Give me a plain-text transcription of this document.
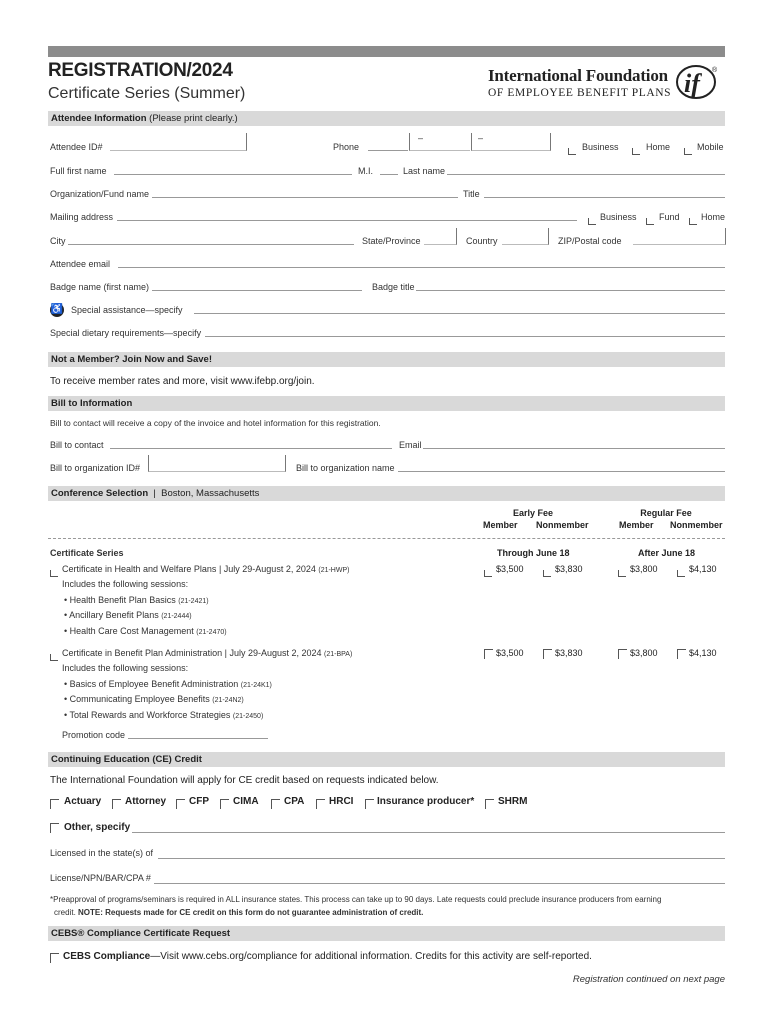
REGISTRATION/2024
Certificate Series (Summer)
International Foundation
OF EMPLOYEE BENEFIT PLANS if	®
Attendee Information (Please print clearly.)
Attendee ID#	Phone
–	–
Business	Home	Mobile
Full first name	M.I.	Last name
Organization/Fund name	Title
Mailing address	Business Fund Home
City	State/Province	Country	ZIP/Postal code
Attendee email
Badge name (first name)	Badge title
♿ Special assistance—specify
Special dietary requirements—specify
Not a Member? Join Now and Save!
To receive member rates and more, visit www.ifebp.org/join.
Bill to Information
Bill to contact will receive a copy of the invoice and hotel information for this registration.
Bill to contact	Email
Bill to organization ID#	Bill to organization name
Conference Selection  |  Boston, Massachusetts
Early Fee	Regular Fee
Member Nonmember	Member Nonmember
Certificate Series	Through June 18	After June 18
Certificate in Health and Welfare Plans | July 29-August 2, 2024 (21-HWP)
Includes the following sessions:
• Health Benefit Plan Basics (21-2421)
• Ancillary Benefit Plans (21-2444)
• Health Care Cost Management (21-2470)
$3,500	$3,830	$3,800	$4,130
Certificate in Benefit Plan Administration | July 29-August 2, 2024 (21-BPA)
Includes the following sessions:
• Basics of Employee Benefit Administration (21-24K1)
• Communicating Employee Benefits (21-24N2)
• Total Rewards and Workforce Strategies (21-2450)
$3,500	$3,830	$3,800	$4,130
Promotion code
Continuing Education (CE) Credit
The International Foundation will apply for CE credit based on requests indicated below.
Actuary Attorney CFP CIMA	CPA HRCI Insurance producer* SHRM
Other, specify
Licensed in the state(s) of
License/NPN/BAR/CPA #
*Preapproval of programs/seminars is required in ALL insurance states. This process can take up to 90 days. Late requests could preclude insurance producers from earning
credit. NOTE: Requests made for CE credit on this form do not guarantee administration of credit.
CEBS® Compliance Certificate Request
CEBS Compliance—Visit www.cebs.org/compliance for additional information. Credits for this activity are self-reported.
Registration continued on next page
